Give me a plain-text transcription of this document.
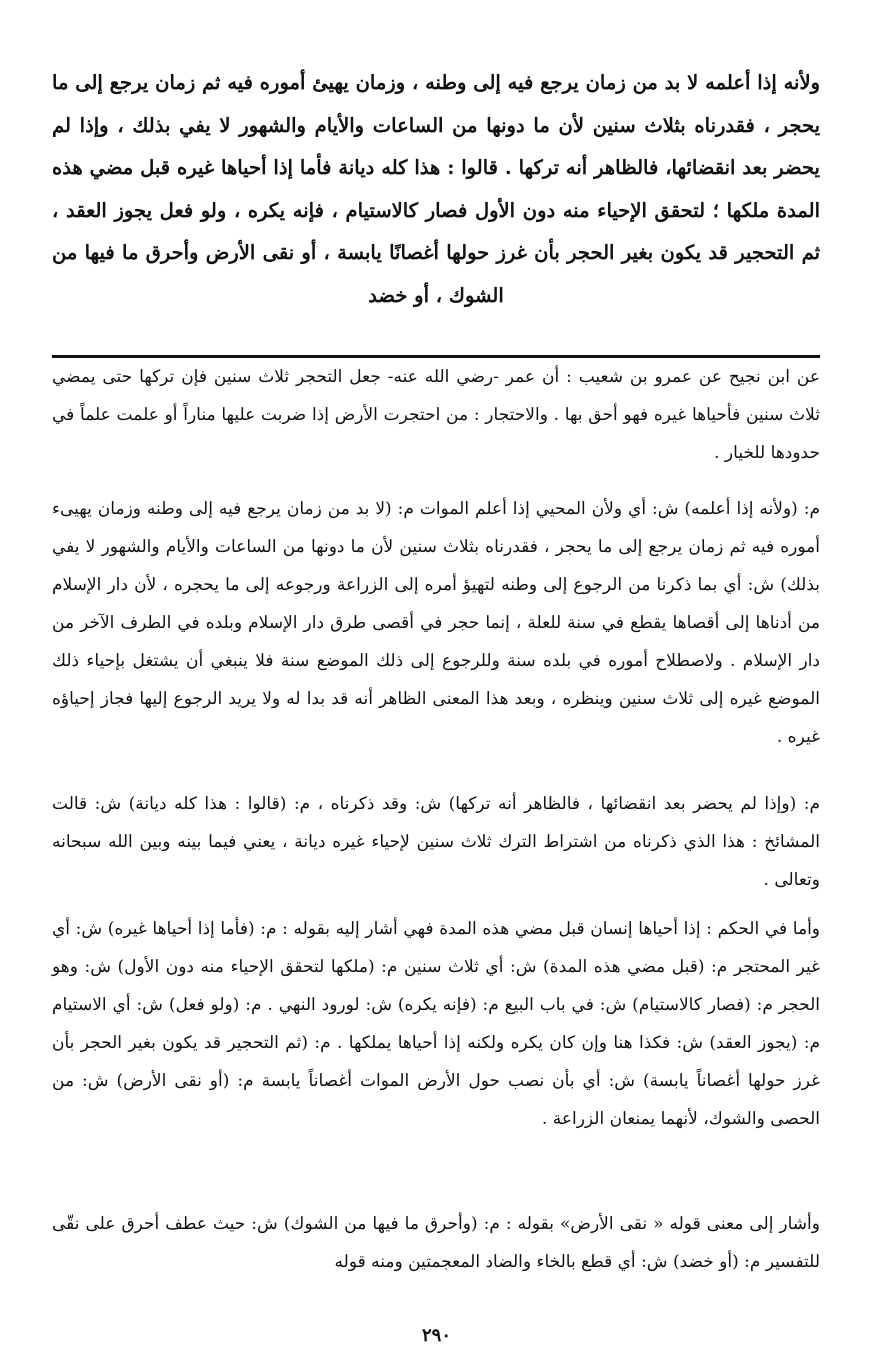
ولأنه إذا أعلمه لا بد من زمان يرجع فيه إلى وطنه ، وزمان يهيئ أموره فيه ثم زمان يرجع إلى ما يحجر ، فقدرناه بثلاث سنين لأن ما دونها من الساعات والأيام والشهور لا يفي بذلك ، وإذا لم يحضر بعد انقضائها، فالظاهر أنه تركها . قالوا : هذا كله ديانة فأما إذا أحياها غيره قبل مضي هذه المدة ملكها ؛ لتحقق الإحياء منه دون الأول فصار كالاستيام ، فإنه يكره ، ولو فعل يجوز العقد ، ثم التحجير قد يكون بغير الحجر بأن غرز حولها أغصانًا يابسة ، أو نقى الأرض وأحرق ما فيها من الشوك ، أو خضد
عن ابن نجيح عن عمرو بن شعيب : أن عمر -رضي الله عنه- جعل التحجر ثلاث سنين فإن تركها حتى يمضي ثلاث سنين فأحياها غيره فهو أحق بها . والاحتجار : من احتجرت الأرض إذا ضربت عليها مناراً أو علمت علماً في حدودها للخيار .
م: (ولأنه إذا أعلمه) ش: أي ولأن المحيي إذا أعلم الموات م: (لا بد من زمان يرجع فيه إلى وطنه وزمان يهيىء أموره فيه ثم زمان يرجع إلى ما يحجر ، فقدرناه بثلاث سنين لأن ما دونها من الساعات والأيام والشهور لا يفي بذلك) ش: أي بما ذكرنا من الرجوع إلى وطنه لتهيؤ أمره إلى الزراعة ورجوعه إلى ما يحجره ، لأن دار الإسلام من أدناها إلى أقصاها يقطع في سنة للعلة ، إنما حجر في أقصى طرق دار الإسلام وبلده في الطرف الآخر من دار الإسلام . ولاصطلاح أموره في بلده سنة وللرجوع إلى ذلك الموضع سنة فلا ينبغي أن يشتغل بإحياء ذلك الموضع غيره إلى ثلاث سنين وينظره ، وبعد هذا المعنى الظاهر أنه قد بدا له ولا يريد الرجوع إليها فجاز إحياؤه غيره .
م: (وإذا لم يحضر بعد انقضائها ، فالظاهر أنه تركها) ش: وقد ذكرناه ، م: (قالوا : هذا كله ديانة) ش: قالت المشائخ : هذا الذي ذكرناه من اشتراط الترك ثلاث سنين لإحياء غيره ديانة ، يعني فيما بينه وبين الله سبحانه وتعالى .
وأما في الحكم : إذا أحياها إنسان قبل مضي هذه المدة فهي أشار إليه بقوله : م: (فأما إذا أحياها غيره) ش: أي غير المحتجر م: (قبل مضي هذه المدة) ش: أي ثلاث سنين م: (ملكها لتحقق الإحياء منه دون الأول) ش: وهو الحجر م: (فصار كالاستيام) ش: في باب البيع م: (فإنه يكره) ش: لورود النهي . م: (ولو فعل) ش: أي الاستيام م: (يجوز العقد) ش: فكذا هنا وإن كان يكره ولكنه إذا أحياها يملكها . م: (ثم التحجير قد يكون بغير الحجر بأن غرز حولها أغصاناً يابسة) ش: أي بأن نصب حول الأرض الموات أغصاناً يابسة م: (أو نقى الأرض) ش: من الحصى والشوك، لأنهما يمنعان الزراعة .
وأشار إلى معنى قوله « نقى الأرض» بقوله : م: (وأحرق ما فيها من الشوك) ش: حيث عطف أحرق على نقّى للتفسير م: (أو خضد) ش: أي قطع بالخاء والضاد المعجمتين ومنه قوله
٢٩٠
